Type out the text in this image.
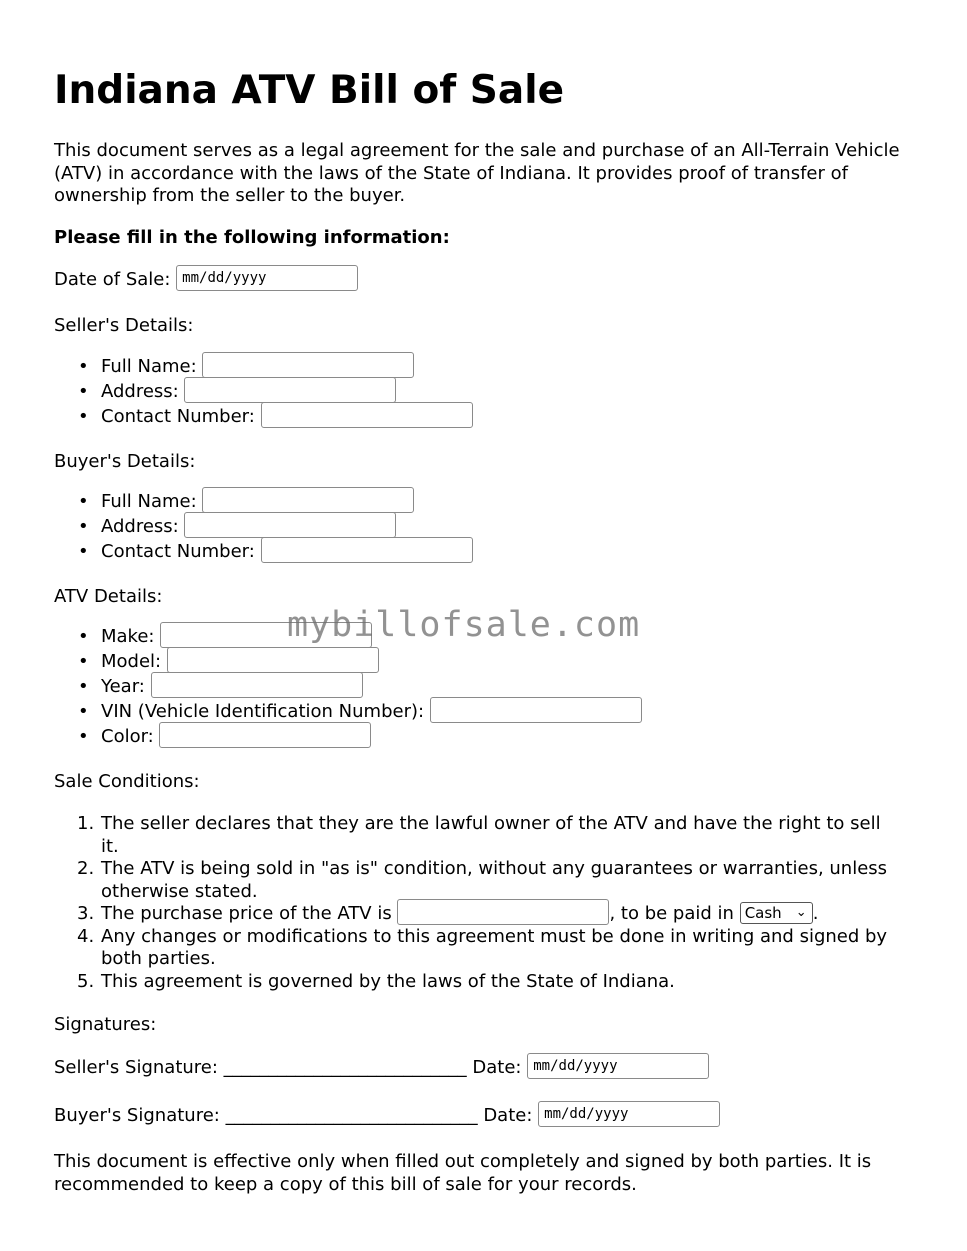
Indiana ATV Bill of Sale

This document serves as a legal agreement for the sale and purchase of an All-Terrain Vehicle (ATV) in accordance with the laws of the State of Indiana. It provides proof of transfer of ownership from the seller to the buyer.

Please fill in the following information:

Date of Sale: mm/dd/yyyy

Seller's Details:

• Full Name:
• Address:
• Contact Number:

Buyer's Details:

• Full Name:
• Address:
• Contact Number:

ATV Details:

• Make:
• Model:
• Year:
• VIN (Vehicle Identification Number):
• Color:

Sale Conditions:

1. The seller declares that they are the lawful owner of the ATV and have the right to sell it.
2. The ATV is being sold in "as is" condition, without any guarantees or warranties, unless otherwise stated.
3. The purchase price of the ATV is	, to be paid in Cash ⌄ .
4. Any changes or modifications to this agreement must be done in writing and signed by both parties.
5. This agreement is governed by the laws of the State of Indiana.

Signatures:

Seller's Signature: ___________________________ Date: mm/dd/yyyy

Buyer's Signature: ____________________________ Date: mm/dd/yyyy

This document is effective only when filled out completely and signed by both parties. It is recommended to keep a copy of this bill of sale for your records.

mybillofsale.com
